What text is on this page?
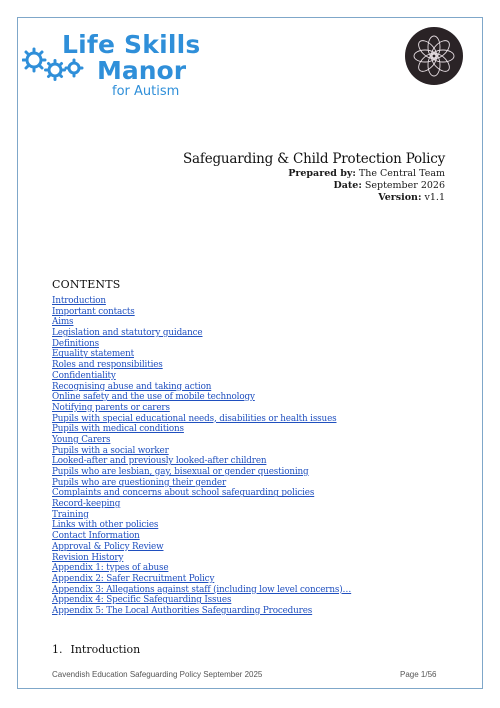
Life Skills
Manor
for Autism
Safeguarding & Child Protection Policy
Prepared by: The Central Team
Date: September 2026
Version: v1.1
CONTENTS
Introduction
Important contacts
Aims
Legislation and statutory guidance
Definitions
Equality statement
Roles and responsibilities
Confidentiality
Recognising abuse and taking action
Online safety and the use of mobile technology
Notifying parents or carers
Pupils with special educational needs, disabilities or health issues
Pupils with medical conditions
Young Carers
Pupils with a social worker
Looked-after and previously looked-after children
Pupils who are lesbian, gay, bisexual or gender questioning
Pupils who are questioning their gender
Complaints and concerns about school safeguarding policies
Record-keeping
Training
Links with other policies
Contact Information
Approval & Policy Review
Revision History
Appendix 1: types of abuse
Appendix 2: Safer Recruitment Policy
Appendix 3: Allegations against staff (including low level concerns)…
Appendix 4: Specific Safeguarding Issues
Appendix 5: The Local Authorities Safeguarding Procedures
1. Introduction
Cavendish Education Safeguarding Policy September 2025	Page 1/56
